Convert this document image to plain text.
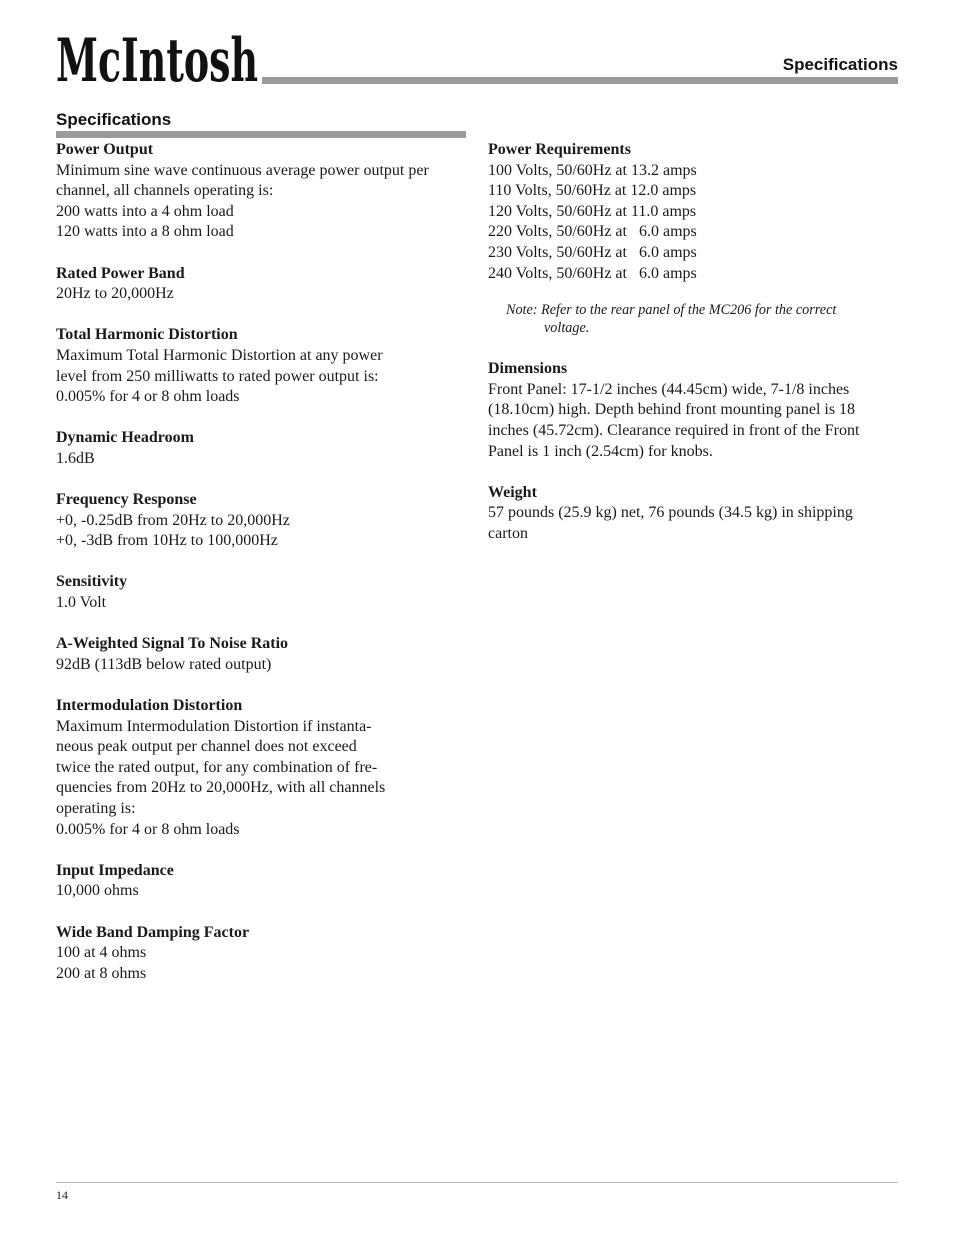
McIntosh	Specifications
Specifications
Power Output
Minimum sine wave continuous average power output per
channel, all channels operating is:
200 watts into a 4 ohm load
120 watts into a 8 ohm load
Rated Power Band
20Hz to 20,000Hz
Total Harmonic Distortion
Maximum Total Harmonic Distortion at any power
level from 250 milliwatts to rated power output is:
0.005% for 4 or 8 ohm loads
Dynamic Headroom
1.6dB
Frequency Response
+0, -0.25dB from 20Hz to 20,000Hz
+0, -3dB from 10Hz to 100,000Hz
Sensitivity
1.0 Volt
A-Weighted Signal To Noise Ratio
92dB (113dB below rated output)
Intermodulation Distortion
Maximum Intermodulation Distortion if instanta-
neous peak output per channel does not exceed
twice the rated output, for any combination of fre-
quencies from 20Hz to 20,000Hz, with all channels
operating is:
0.005% for 4 or 8 ohm loads
Input Impedance
10,000 ohms
Wide Band Damping Factor
100 at 4 ohms
200 at 8 ohms
Power Requirements
100 Volts, 50/60Hz at 13.2 amps
110 Volts, 50/60Hz at 12.0 amps
120 Volts, 50/60Hz at 11.0 amps
220 Volts, 50/60Hz at   6.0 amps
230 Volts, 50/60Hz at   6.0 amps
240 Volts, 50/60Hz at   6.0 amps
Note: Refer to the rear panel of the MC206 for the correct
voltage.
Dimensions
Front Panel: 17-1/2 inches (44.45cm) wide, 7-1/8 inches
(18.10cm) high. Depth behind front mounting panel is 18
inches (45.72cm). Clearance required in front of the Front
Panel is 1 inch (2.54cm) for knobs.
Weight
57 pounds (25.9 kg) net, 76 pounds (34.5 kg) in shipping
carton
14
